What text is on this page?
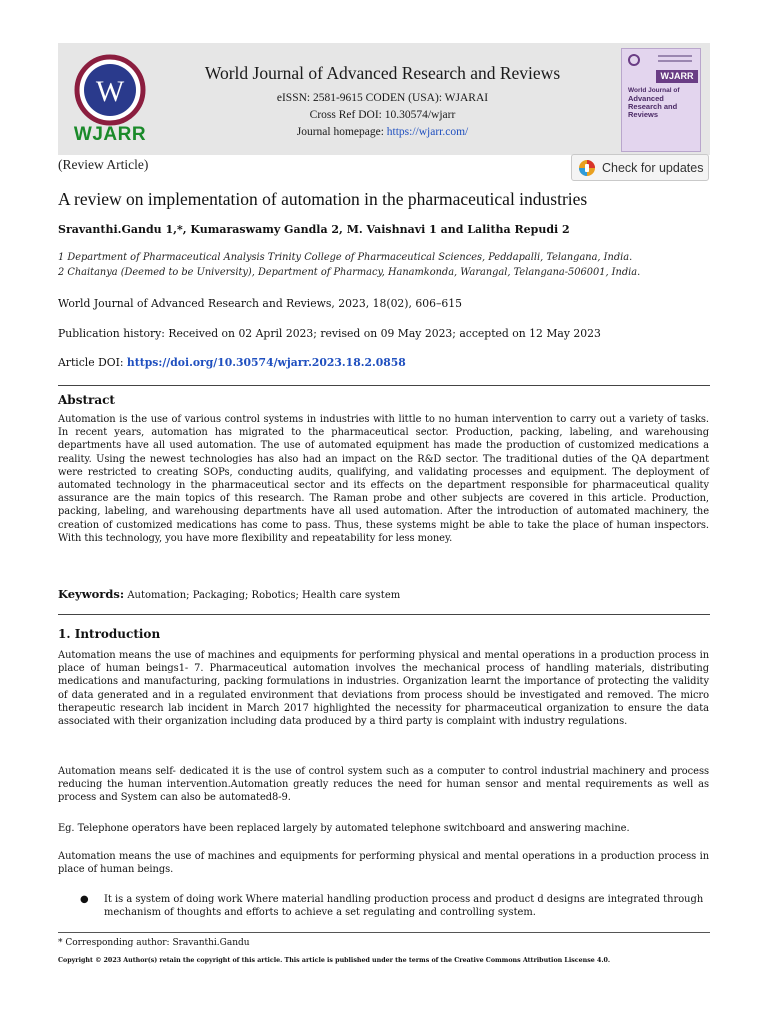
W
WJARR
World Journal of Advanced Research and Reviews
eISSN: 2581-9615 CODEN (USA): WJARAI
Cross Ref DOI: 10.30574/wjarr
Journal homepage: https://wjarr.com/
WJARR
World Journal of
Advanced
Research and
Reviews
(Review Article)	Check for updates
A review on implementation of automation in the pharmaceutical industries
Sravanthi.Gandu 1,*, Kumaraswamy Gandla 2, M. Vaishnavi 1 and Lalitha Repudi 2
1 Department of Pharmaceutical Analysis Trinity College of Pharmaceutical Sciences, Peddapalli, Telangana, India.
2 Chaitanya (Deemed to be University), Department of Pharmacy, Hanamkonda, Warangal, Telangana-506001, India.
World Journal of Advanced Research and Reviews, 2023, 18(02), 606–615
Publication history: Received on 02 April 2023; revised on 09 May 2023; accepted on 12 May 2023
Article DOI: https://doi.org/10.30574/wjarr.2023.18.2.0858
Abstract
Automation is the use of various control systems in industries with little to no human intervention to carry out a variety of tasks. In recent years, automation has migrated to the pharmaceutical sector. Production, packing, labeling, and warehousing departments have all used automation. The use of automated equipment has made the production of customized medications a reality. Using the newest technologies has also had an impact on the R&D sector. The traditional duties of the QA department were restricted to creating SOPs, conducting audits, qualifying, and validating processes and equipment. The deployment of automated technology in the pharmaceutical sector and its effects on the department responsible for pharmaceutical quality assurance are the main topics of this research. The Raman probe and other subjects are covered in this article. Production, packing, labeling, and warehousing departments have all used automation. After the introduction of automated machinery, the creation of customized medications has come to pass. Thus, these systems might be able to take the place of human inspectors. With this technology, you have more flexibility and repeatability for less money.
Keywords: Automation; Packaging; Robotics; Health care system
1. Introduction
Automation means the use of machines and equipments for performing physical and mental operations in a production process in place of human beings1- 7. Pharmaceutical automation involves the mechanical process of handling materials, distributing medications and manufacturing, packing formulations in industries. Organization learnt the importance of protecting the validity of data generated and in a regulated environment that deviations from process should be investigated and removed. The micro therapeutic research lab incident in March 2017 highlighted the necessity for pharmaceutical organization to ensure the data associated with their organization including data produced by a third party is complaint with industry regulations.
Automation means self- dedicated it is the use of control system such as a computer to control industrial machinery and process reducing the human intervention.Automation greatly reduces the need for human sensor and mental requirements as well as process and System can also be automated8-9.
Eg. Telephone operators have been replaced largely by automated telephone switchboard and answering machine.
Automation means the use of machines and equipments for performing physical and mental operations in a production process in place of human beings.
● It is a system of doing work Where material handling production process and product d designs are integrated through mechanism of thoughts and efforts to achieve a set regulating and controlling system.
* Corresponding author: Sravanthi.Gandu
Copyright © 2023 Author(s) retain the copyright of this article. This article is published under the terms of the Creative Commons Attribution Liscense 4.0.
